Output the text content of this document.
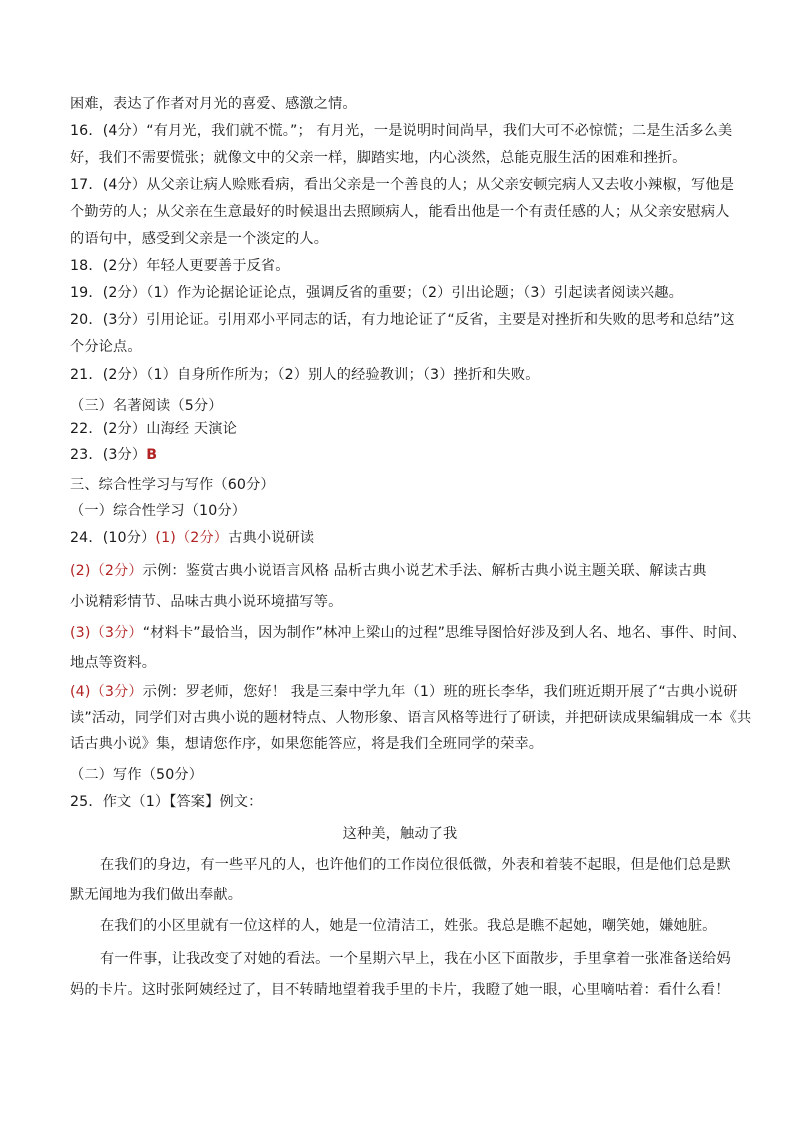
困难，表达了作者对月光的喜爱、感激之情。
16．(4分）“有月光，我们就不慌。”； 有月光，一是说明时间尚早，我们大可不必惊慌；二是生活多么美
好，我们不需要慌张；就像文中的父亲一样，脚踏实地，内心淡然，总能克服生活的困难和挫折。
17．(4分）从父亲让病人赊账看病，看出父亲是一个善良的人；从父亲安顿完病人又去收小辣椒，写他是
个勤劳的人；从父亲在生意最好的时候退出去照顾病人，能看出他是一个有责任感的人；从父亲安慰病人
的语句中，感受到父亲是一个淡定的人。
18．(2分）年轻人更要善于反省。
19．(2分）（1）作为论据论证论点，强调反省的重要；（2）引出论题；（3）引起读者阅读兴趣。
20．(3分）引用论证。引用邓小平同志的话，有力地论证了“反省，主要是对挫折和失败的思考和总结”这
个分论点。
21．(2分）（1）自身所作所为；（2）别人的经验教训；（3）挫折和失败。
（三）名著阅读（5分）
22．(2分）山海经 天演论
23．(3分）B
三、综合性学习与写作（60分）
（一）综合性学习（10分）
24．(10分）(1)（2分）古典小说研读
(2)（2分）示例：鉴赏古典小说语言风格 品析古典小说艺术手法、解析古典小说主题关联、解读古典
小说精彩情节、品味古典小说环境描写等。
(3)（3分）“材料卡”最恰当，因为制作”林冲上梁山的过程”思维导图恰好涉及到人名、地名、事件、时间、
地点等资料。
(4)（3分）示例：罗老师，您好！ 我是三秦中学九年（1）班的班长李华，我们班近期开展了“古典小说研
读”活动，同学们对古典小说的题材特点、人物形象、语言风格等进行了研读，并把研读成果编辑成一本《共
话古典小说》集，想请您作序，如果您能答应，将是我们全班同学的荣幸。
（二）写作（50分）
25．作文（1）【答案】例文：
这种美，触动了我
在我们的身边，有一些平凡的人，也许他们的工作岗位很低微，外表和着装不起眼，但是他们总是默
默无闻地为我们做出奉献。
在我们的小区里就有一位这样的人，她是一位清洁工，姓张。我总是瞧不起她，嘲笑她，嫌她脏。
有一件事，让我改变了对她的看法。一个星期六早上，我在小区下面散步，手里拿着一张准备送给妈
妈的卡片。这时张阿姨经过了，目不转睛地望着我手里的卡片，我瞪了她一眼，心里嘀咕着：看什么看！
